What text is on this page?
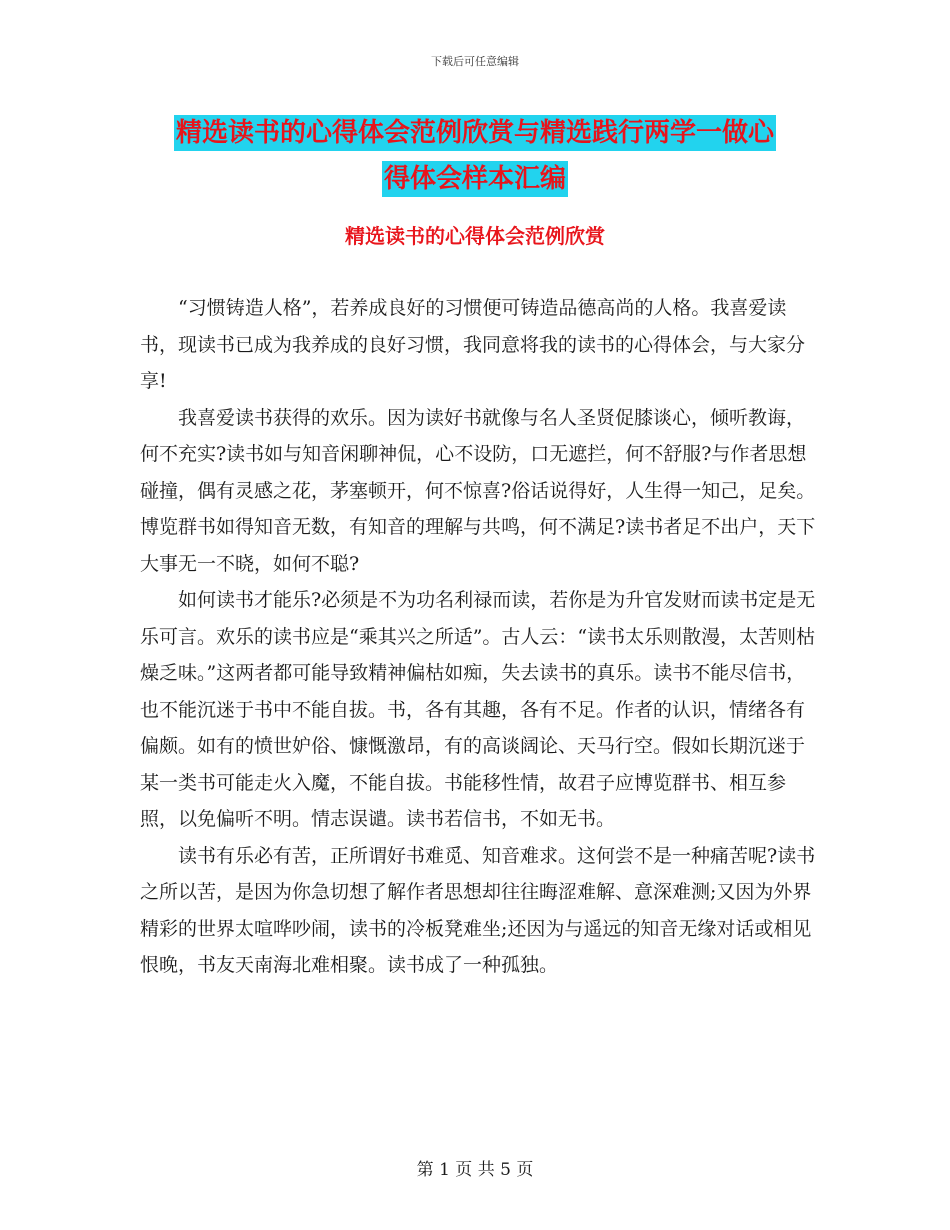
下载后可任意编辑
精选读书的心得体会范例欣赏与精选践行两学一做心
得体会样本汇编
精选读书的心得体会范例欣赏

“习惯铸造人格”，若养成良好的习惯便可铸造品德高尚的人格。我喜爱读书，现读书已成为我养成的良好习惯，我同意将我的读书的心得体会，与大家分享!

我喜爱读书获得的欢乐。因为读好书就像与名人圣贤促膝谈心，倾听教诲，何不充实?读书如与知音闲聊神侃，心不设防，口无遮拦，何不舒服?与作者思想碰撞，偶有灵感之花，茅塞顿开，何不惊喜?俗话说得好，人生得一知己，足矣。博览群书如得知音无数，有知音的理解与共鸣，何不满足?读书者足不出户，天下大事无一不晓，如何不聪?

如何读书才能乐?必须是不为功名利禄而读，若你是为升官发财而读书定是无乐可言。欢乐的读书应是“乘其兴之所适”。古人云：“读书太乐则散漫，太苦则枯燥乏味。”这两者都可能导致精神偏枯如痴，失去读书的真乐。读书不能尽信书，也不能沉迷于书中不能自拔。书，各有其趣，各有不足。作者的认识，情绪各有偏颇。如有的愤世妒俗、慷慨激昂，有的高谈阔论、天马行空。假如长期沉迷于某一类书可能走火入魔，不能自拔。书能移性情，故君子应博览群书、相互参照，以免偏听不明。情志误谴。读书若信书，不如无书。

读书有乐必有苦，正所谓好书难觅、知音难求。这何尝不是一种痛苦呢?读书之所以苦，是因为你急切想了解作者思想却往往晦涩难解、意深难测;又因为外界精彩的世界太喧哗吵闹，读书的冷板凳难坐;还因为与遥远的知音无缘对话或相见恨晚，书友天南海北难相聚。读书成了一种孤独。

第 1 页 共 5 页
